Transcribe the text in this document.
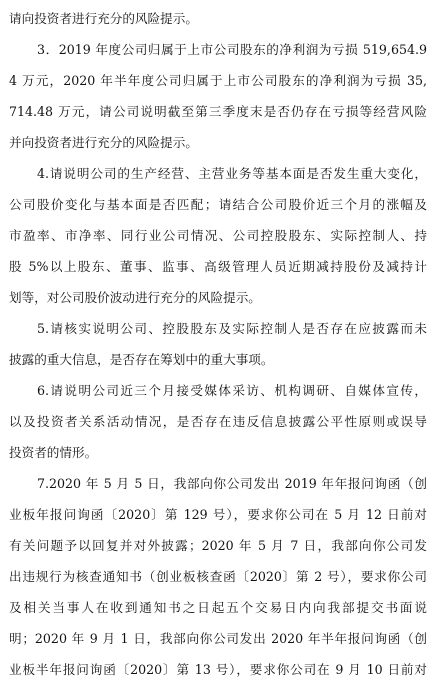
请向投资者进行充分的风险提示。
3．2019 年度公司归属于上市公司股东的净利润为亏损 519,654.9
4 万元，2020 年半年度公司归属于上市公司股东的净利润为亏损 35,
714.48 万元，请公司说明截至第三季度末是否仍存在亏损等经营风险
并向投资者进行充分的风险提示。
4.请说明公司的生产经营、主营业务等基本面是否发生重大变化，
公司股价变化与基本面是否匹配；请结合公司股价近三个月的涨幅及
市盈率、市净率、同行业公司情况、公司控股股东、实际控制人、持
股 5%以上股东、董事、监事、高级管理人员近期减持股份及减持计
划等，对公司股价波动进行充分的风险提示。
5.请核实说明公司、控股股东及实际控制人是否存在应披露而未
披露的重大信息，是否存在筹划中的重大事项。
6.请说明公司近三个月接受媒体采访、机构调研、自媒体宣传，
以及投资者关系活动情况，是否存在违反信息披露公平性原则或误导
投资者的情形。
7.2020 年 5 月 5 日，我部向你公司发出 2019 年年报问询函（创
业板年报问询函〔2020〕第 129 号），要求你公司在 5 月 12 日前对
有关问题予以回复并对外披露；2020 年 5 月 7 日，我部向你公司发
出违规行为核查通知书（创业板核查函〔2020〕第 2 号），要求你公司
及相关当事人在收到通知书之日起五个交易日内向我部提交书面说
明；2020 年 9 月 1 日，我部向你公司发出 2020 年半年报问询函（创
业板半年报问询函〔2020〕第 13 号），要求你公司在 9 月 10 日前对
